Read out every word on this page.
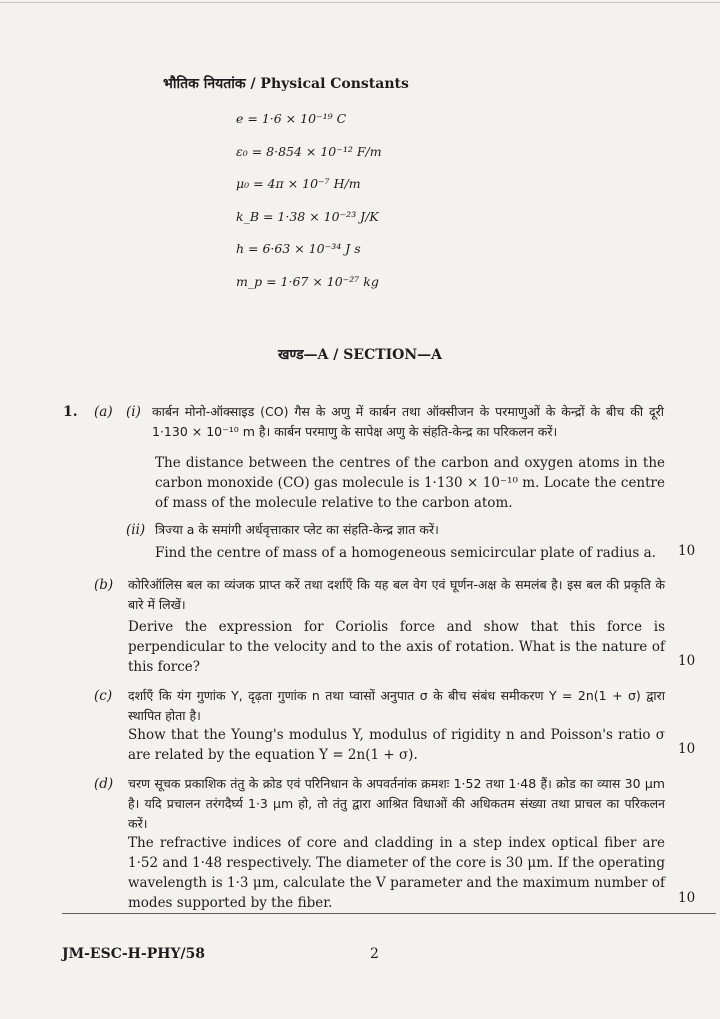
भौतिक नियतांक / Physical Constants
e = 1·6 × 10⁻¹⁹ C
ε₀ = 8·854 × 10⁻¹² F/m
μ₀ = 4π × 10⁻⁷ H/m
k_B = 1·38 × 10⁻²³ J/K
h = 6·63 × 10⁻³⁴ J s
m_p = 1·67 × 10⁻²⁷ kg
खण्ड—A / SECTION—A
1. (a) (i) कार्बन मोनो-ऑक्साइड (CO) गैस के अणु में कार्बन तथा ऑक्सीजन के परमाणुओं के केन्द्रों के बीच की दूरी 1·130 × 10⁻¹⁰ m है। कार्बन परमाणु के सापेक्ष अणु के संहति-केन्द्र का परिकलन करें।
The distance between the centres of the carbon and oxygen atoms in the carbon monoxide (CO) gas molecule is 1·130 × 10⁻¹⁰ m. Locate the centre of mass of the molecule relative to the carbon atom.
(ii) त्रिज्या a के समांगी अर्धवृत्ताकार प्लेट का संहति-केन्द्र ज्ञात करें।
Find the centre of mass of a homogeneous semicircular plate of radius a.	10
(b) कोरिऑलिस बल का व्यंजक प्राप्त करें तथा दर्शाएँ कि यह बल वेग एवं घूर्णन-अक्ष के समलंब है। इस बल की प्रकृति के बारे में लिखें।
Derive the expression for Coriolis force and show that this force is perpendicular to the velocity and to the axis of rotation. What is the nature of this force?	10
(c) दर्शाएँ कि यंग गुणांक Y, दृढ़ता गुणांक n तथा प्वासों अनुपात σ के बीच संबंध समीकरण Y = 2n(1 + σ) द्वारा स्थापित होता है।
Show that the Young's modulus Y, modulus of rigidity n and Poisson's ratio σ are related by the equation Y = 2n(1 + σ).	10
(d) चरण सूचक प्रकाशिक तंतु के क्रोड एवं परिनिधान के अपवर्तनांक क्रमशः 1·52 तथा 1·48 हैं। क्रोड का व्यास 30 μm है। यदि प्रचालन तरंगदैर्घ्य 1·3 μm हो, तो तंतु द्वारा आश्रित विधाओं की अधिकतम संख्या तथा प्राचल का परिकलन करें।
The refractive indices of core and cladding in a step index optical fiber are 1·52 and 1·48 respectively. The diameter of the core is 30 μm. If the operating wavelength is 1·3 μm, calculate the V parameter and the maximum number of modes supported by the fiber.	10
JM-ESC-H-PHY/58	2
